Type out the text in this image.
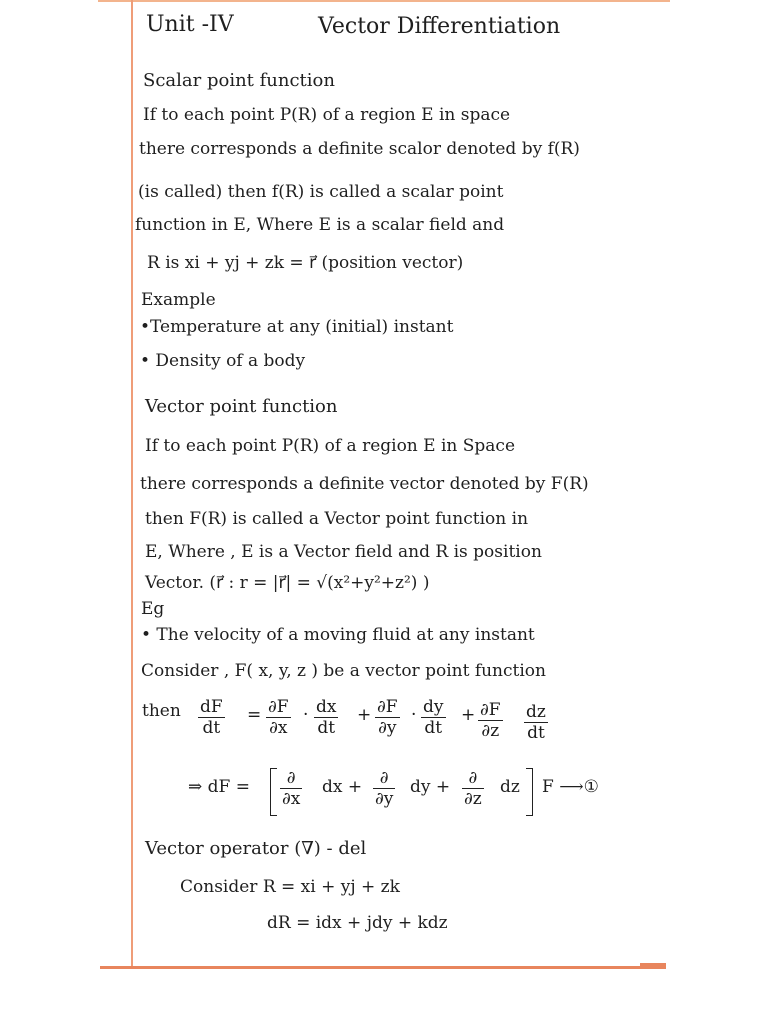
Unit -IV	Vector Differentiation
Scalar point function
If to each point P(R) of a region E in space
there corresponds a definite scalor denoted by f(R)
(is called) then f(R) is called a scalar point
function in E, Where E is a scalar field and
R is xi + yj + zk = r⃗ (position vector)
Example
•Temperature at any (initial) instant
• Density of a body
Vector point function
If to each point P(R) of a region E in Space
there corresponds a definite vector denoted by F(R)
then F(R) is called a Vector point function in
E, Where , E is a Vector field and R is position
Vector. (r⃗ : r = |r⃗| = √(x²+y²+z²) )
Eg
• The velocity of a moving fluid at any instant
Consider , F( x, y, z ) be a vector point function
then $\frac{dF}{dt} = \frac{\partial F}{\partial x} \cdot \frac{dx}{dt} + \frac{\partial F}{\partial y} \cdot \frac{dy}{dt} + \frac{\partial F}{\partial z} \frac{dz}{dt}$
⇒ dF =	∂
∂x
dx +	∂
∂y
dy +	∂
∂z
dz F ⟶①
Vector operator (∇) - del
Consider R = xi + yj + zk
dR = idx + jdy + kdz
